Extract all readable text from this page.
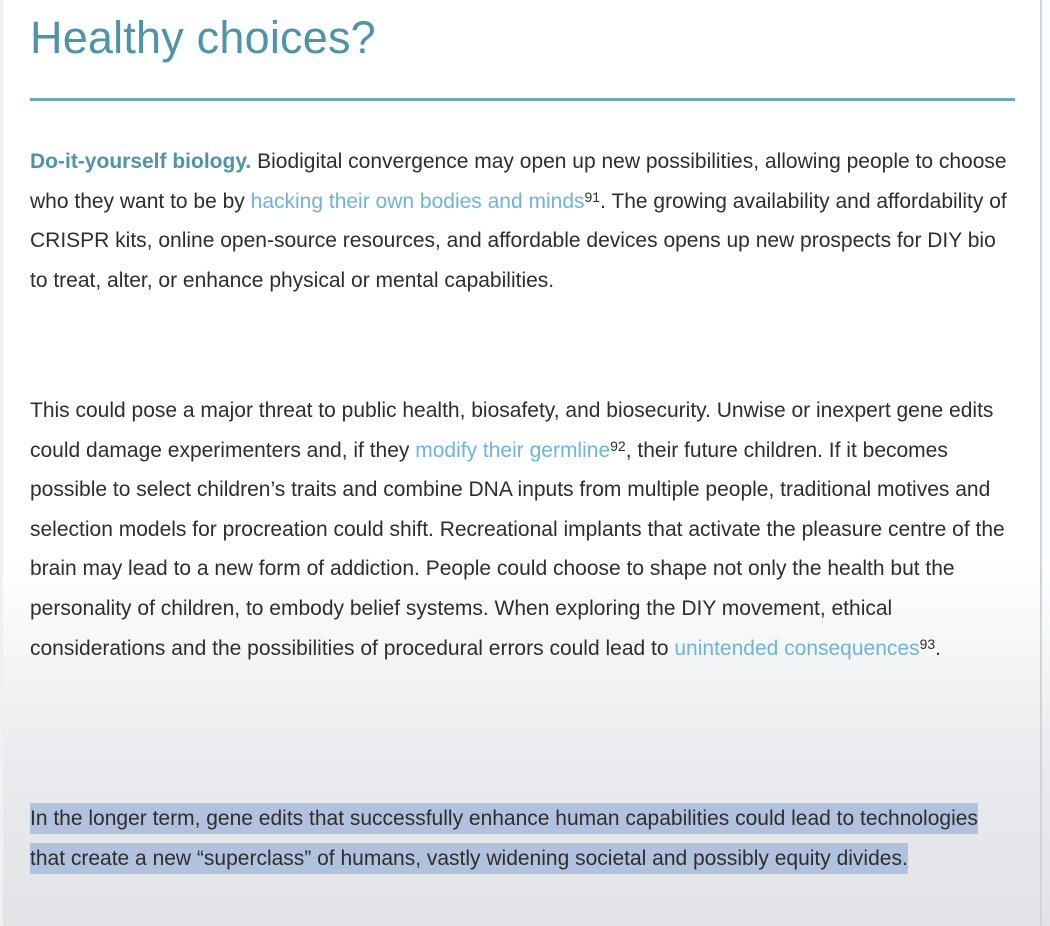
Healthy choices?

Do-it-yourself biology. Biodigital convergence may open up new possibilities, allowing people to choose who they want to be by hacking their own bodies and minds$^{91}$. The growing availability and affordability of CRISPR kits, online open-source resources, and affordable devices opens up new prospects for DIY bio to treat, alter, or enhance physical or mental capabilities.

This could pose a major threat to public health, biosafety, and biosecurity. Unwise or inexpert gene edits could damage experimenters and, if they modify their germline$^{92}$, their future children. If it becomes possible to select children’s traits and combine DNA inputs from multiple people, traditional motives and selection models for procreation could shift. Recreational implants that activate the pleasure centre of the brain may lead to a new form of addiction. People could choose to shape not only the health but the personality of children, to embody belief systems. When exploring the DIY movement, ethical considerations and the possibilities of procedural errors could lead to unintended consequences$^{93}$.

In the longer term, gene edits that successfully enhance human capabilities could lead to technologies that create a new “superclass” of humans, vastly widening societal and possibly equity divides.
